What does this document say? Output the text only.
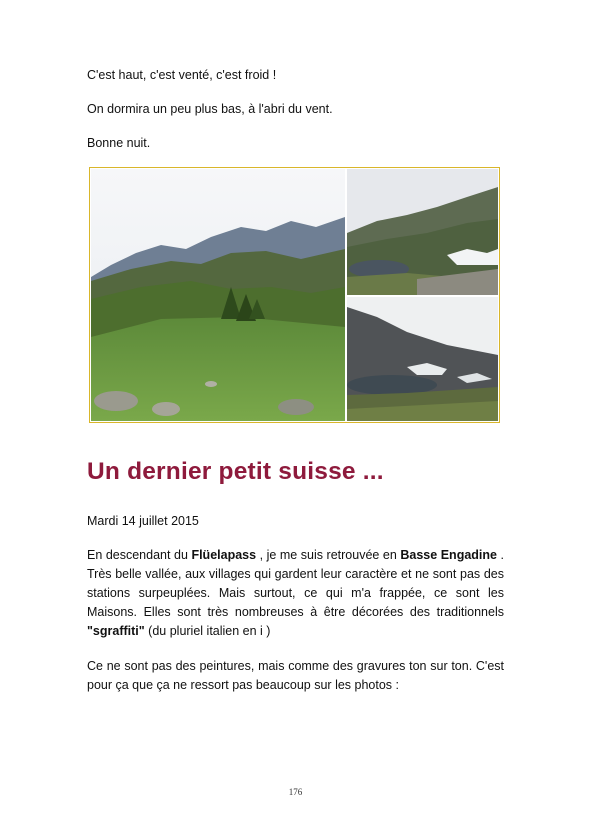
C'est haut, c'est venté, c'est froid !

On dormira un peu plus bas, à l'abri du vent.

Bonne nuit.

Un dernier petit suisse ...

Mardi 14 juillet 2015

En descendant du Flüelapass , je me suis retrouvée en Basse Engadine . Très belle vallée, aux villages qui gardent leur caractère et ne sont pas des stations surpeuplées. Mais surtout, ce qui m'a frappée, ce sont les Maisons. Elles sont très nombreuses à être décorées des traditionnels "sgraffiti" (du pluriel italien en i )

Ce ne sont pas des peintures, mais comme des gravures ton sur ton. C'est pour ça que ça ne ressort pas beaucoup sur les photos :

176
